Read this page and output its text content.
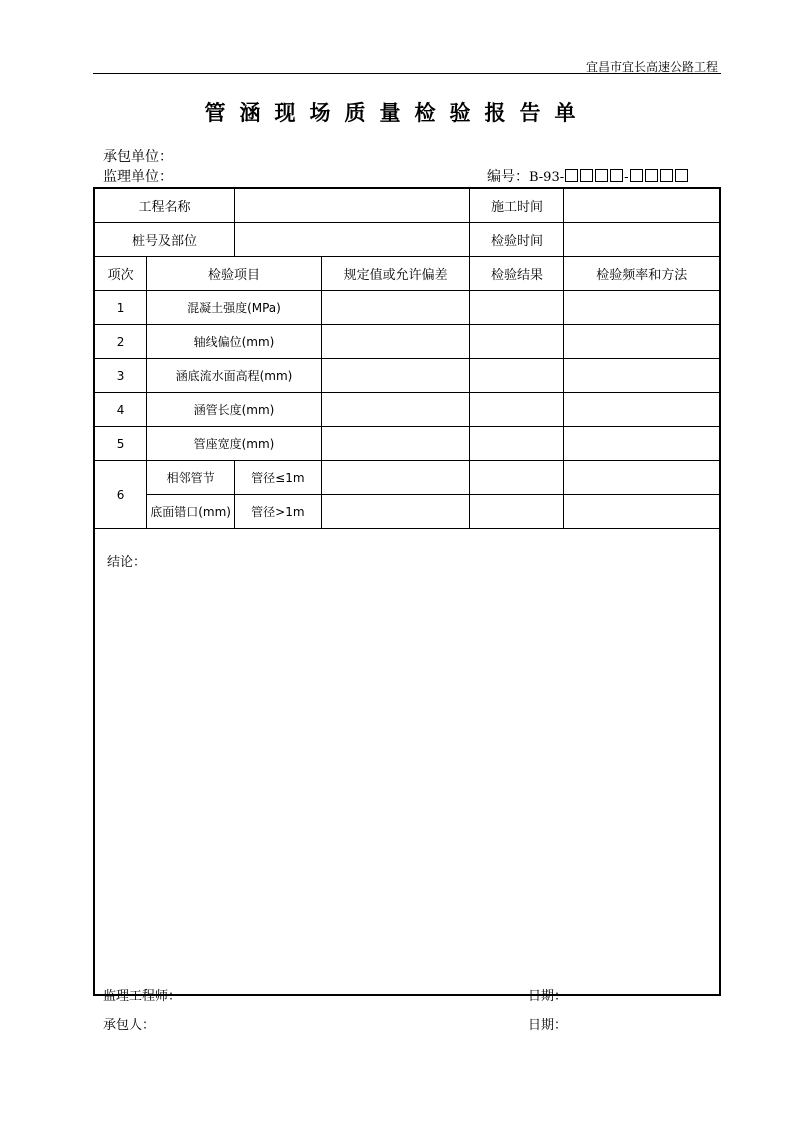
宜昌市宜长高速公路工程
管涵现场质量检验报告单
承包单位：
监理单位：	编号：B-93-	-
工程名称				施工时间	
桩号及部位				检验时间	
项次	检验项目		规定值或允许偏差	检验结果	检验频率和方法
1	混凝土强度(MPa)				
2	轴线偏位(mm)				
3	涵底流水面高程(mm)				
4	涵管长度(mm)				
5	管座宽度(mm)				
6	相邻管节	管径≤1m			
	底面错口(mm)	管径>1m			
结论：					
监理工程师：	日期：
承包人：	日期：
